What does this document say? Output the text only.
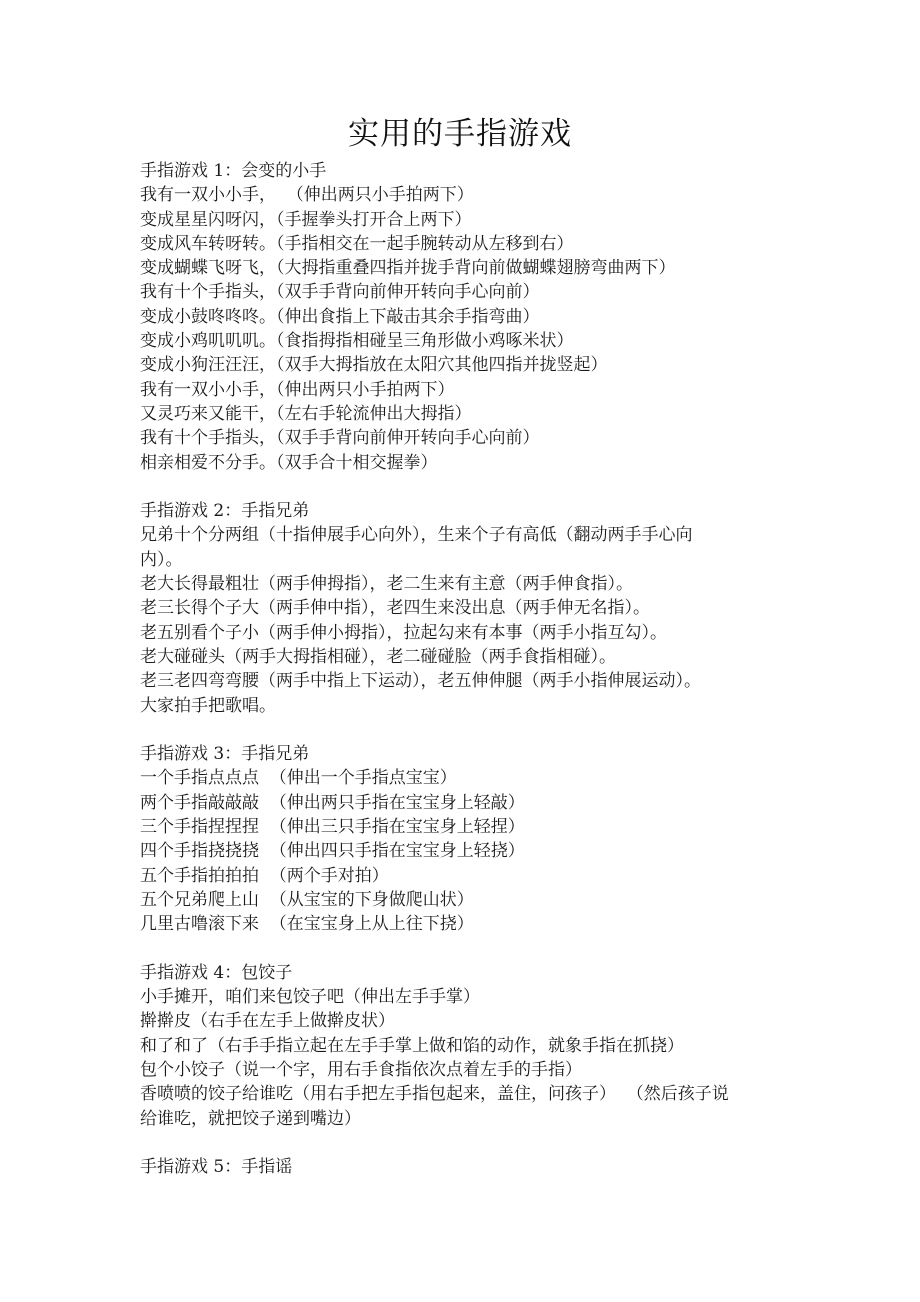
实用的手指游戏
手指游戏 1：会变的小手
我有一双小小手，  （伸出两只小手拍两下）
变成星星闪呀闪，（手握拳头打开合上两下）
变成风车转呀转。（手指相交在一起手腕转动从左移到右）
变成蝴蝶飞呀飞，（大拇指重叠四指并拢手背向前做蝴蝶翅膀弯曲两下）
我有十个手指头，（双手手背向前伸开转向手心向前）
变成小鼓咚咚咚。（伸出食指上下敲击其余手指弯曲）
变成小鸡叽叽叽。（食指拇指相碰呈三角形做小鸡啄米状）
变成小狗汪汪汪，（双手大拇指放在太阳穴其他四指并拢竖起）
我有一双小小手，（伸出两只小手拍两下）
又灵巧来又能干，（左右手轮流伸出大拇指）
我有十个手指头，（双手手背向前伸开转向手心向前）
相亲相爱不分手。（双手合十相交握拳）
手指游戏 2：手指兄弟
兄弟十个分两组（十指伸展手心向外），生来个子有高低（翻动两手手心向
内）。
老大长得最粗壮（两手伸拇指），老二生来有主意（两手伸食指）。
老三长得个子大（两手伸中指），老四生来没出息（两手伸无名指）。
老五别看个子小（两手伸小拇指），拉起勾来有本事（两手小指互勾）。
老大碰碰头（两手大拇指相碰），老二碰碰脸（两手食指相碰）。
老三老四弯弯腰（两手中指上下运动），老五伸伸腿（两手小指伸展运动）。
大家拍手把歌唱。
手指游戏 3：手指兄弟
一个手指点点点  （伸出一个手指点宝宝）
两个手指敲敲敲  （伸出两只手指在宝宝身上轻敲）
三个手指捏捏捏  （伸出三只手指在宝宝身上轻捏）
四个手指挠挠挠  （伸出四只手指在宝宝身上轻挠）
五个手指拍拍拍  （两个手对拍）
五个兄弟爬上山  （从宝宝的下身做爬山状）
几里古噜滚下来  （在宝宝身上从上往下挠）
手指游戏 4：包饺子
小手摊开，咱们来包饺子吧（伸出左手手掌）
擀擀皮（右手在左手上做擀皮状）
和了和了（右手手指立起在左手手掌上做和馅的动作，就象手指在抓挠）
包个小饺子（说一个字，用右手食指依次点着左手的手指）
香喷喷的饺子给谁吃（用右手把左手指包起来，盖住，问孩子）  （然后孩子说
给谁吃，就把饺子递到嘴边）
手指游戏 5：手指谣
